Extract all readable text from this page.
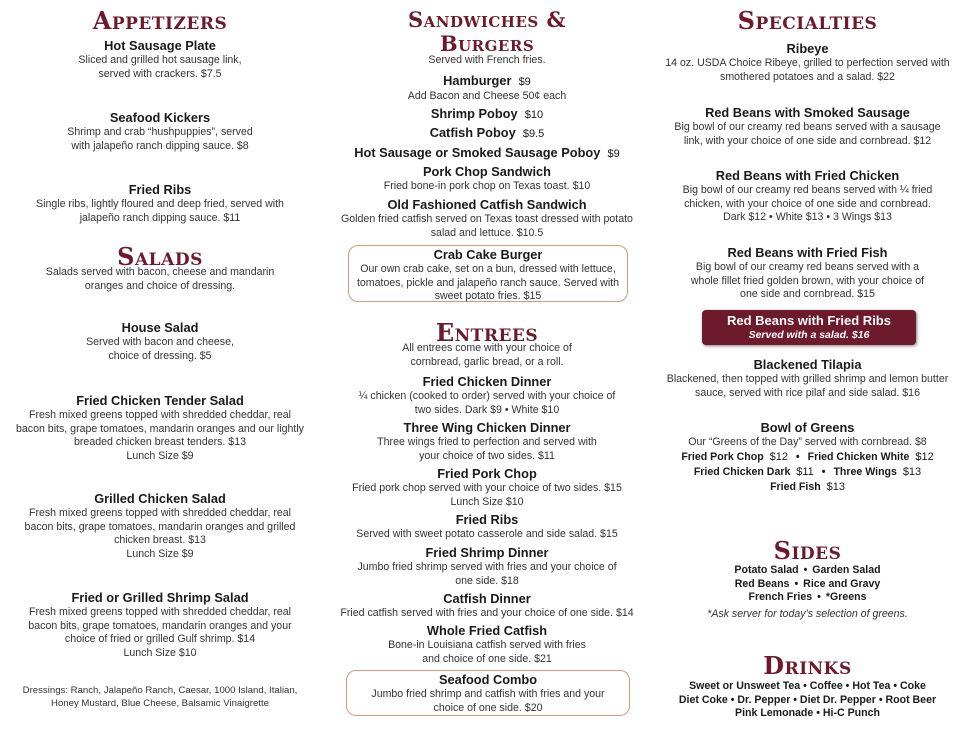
Appetizers
Hot Sausage Plate
Sliced and grilled hot sausage link, served with crackers. $7.5
Seafood Kickers
Shrimp and crab “hushpuppies”, served with jalapeño ranch dipping sauce. $8
Fried Ribs
Single ribs, lightly floured and deep fried, served with jalapeño ranch dipping sauce. $11
Salads
Salads served with bacon, cheese and mandarin oranges and choice of dressing.
House Salad
Served with bacon and cheese, choice of dressing. $5
Fried Chicken Tender Salad
Fresh mixed greens topped with shredded cheddar, real bacon bits, grape tomatoes, mandarin oranges and our lightly breaded chicken breast tenders. $13
Lunch Size $9
Grilled Chicken Salad
Fresh mixed greens topped with shredded cheddar, real bacon bits, grape tomatoes, mandarin oranges and grilled chicken breast. $13
Lunch Size $9
Fried or Grilled Shrimp Salad
Fresh mixed greens topped with shredded cheddar, real bacon bits, grape tomatoes, mandarin oranges and your choice of fried or grilled Gulf shrimp. $14
Lunch Size $10
Dressings: Ranch, Jalapeño Ranch, Caesar, 1000 Island, Italian, Honey Mustard, Blue Cheese, Balsamic Vinaigrette
Sandwiches &
Burgers
Served with French fries.
Hamburger $9
Add Bacon and Cheese 50¢ each
Shrimp Poboy $10
Catfish Poboy $9.5
Hot Sausage or Smoked Sausage Poboy $9
Pork Chop Sandwich
Fried bone-in pork chop on Texas toast. $10
Old Fashioned Catfish Sandwich
Golden fried catfish served on Texas toast dressed with potato salad and lettuce. $10.5
Crab Cake Burger
Our own crab cake, set on a bun, dressed with lettuce, tomatoes, pickle and jalapeño ranch sauce. Served with sweet potato fries. $15
Entrees
All entrees come with your choice of cornbread, garlic bread, or a roll.
Fried Chicken Dinner
¼ chicken (cooked to order) served with your choice of two sides. Dark $9 • White $10
Three Wing Chicken Dinner
Three wings fried to perfection and served with your choice of two sides. $11
Fried Pork Chop
Fried pork chop served with your choice of two sides. $15
Lunch Size $10
Fried Ribs
Served with sweet potato casserole and side salad. $15
Fried Shrimp Dinner
Jumbo fried shrimp served with fries and your choice of one side. $18
Catfish Dinner
Fried catfish served with fries and your choice of one side. $14
Whole Fried Catfish
Bone-in Louisiana catfish served with fries and choice of one side. $21
Seafood Combo
Jumbo fried shrimp and catfish with fries and your choice of one side. $20
Specialties
Ribeye
14 oz. USDA Choice Ribeye, grilled to perfection served with smothered potatoes and a salad. $22
Red Beans with Smoked Sausage
Big bowl of our creamy red beans served with a sausage link, with your choice of one side and cornbread. $12
Red Beans with Fried Chicken
Big bowl of our creamy red beans served with ¼ fried chicken, with your choice of one side and cornbread.
Dark $12 • White $13 • 3 Wings $13
Red Beans with Fried Fish
Big bowl of our creamy red beans served with a whole fillet fried golden brown, with your choice of one side and cornbread. $15
Red Beans with Fried Ribs
Served with a salad. $16
Blackened Tilapia
Blackened, then topped with grilled shrimp and lemon butter sauce, served with rice pilaf and side salad. $16
Bowl of Greens
Our “Greens of the Day” served with cornbread. $8
Fried Pork Chop $12 • Fried Chicken White $12
Fried Chicken Dark $11 • Three Wings $13
Fried Fish $13
Sides
Potato Salad • Garden Salad
Red Beans • Rice and Gravy
French Fries • *Greens
*Ask server for today’s selection of greens.
Drinks
Sweet or Unsweet Tea • Coffee • Hot Tea • Coke
Diet Coke • Dr. Pepper • Diet Dr. Pepper • Root Beer
Pink Lemonade • Hi-C Punch
